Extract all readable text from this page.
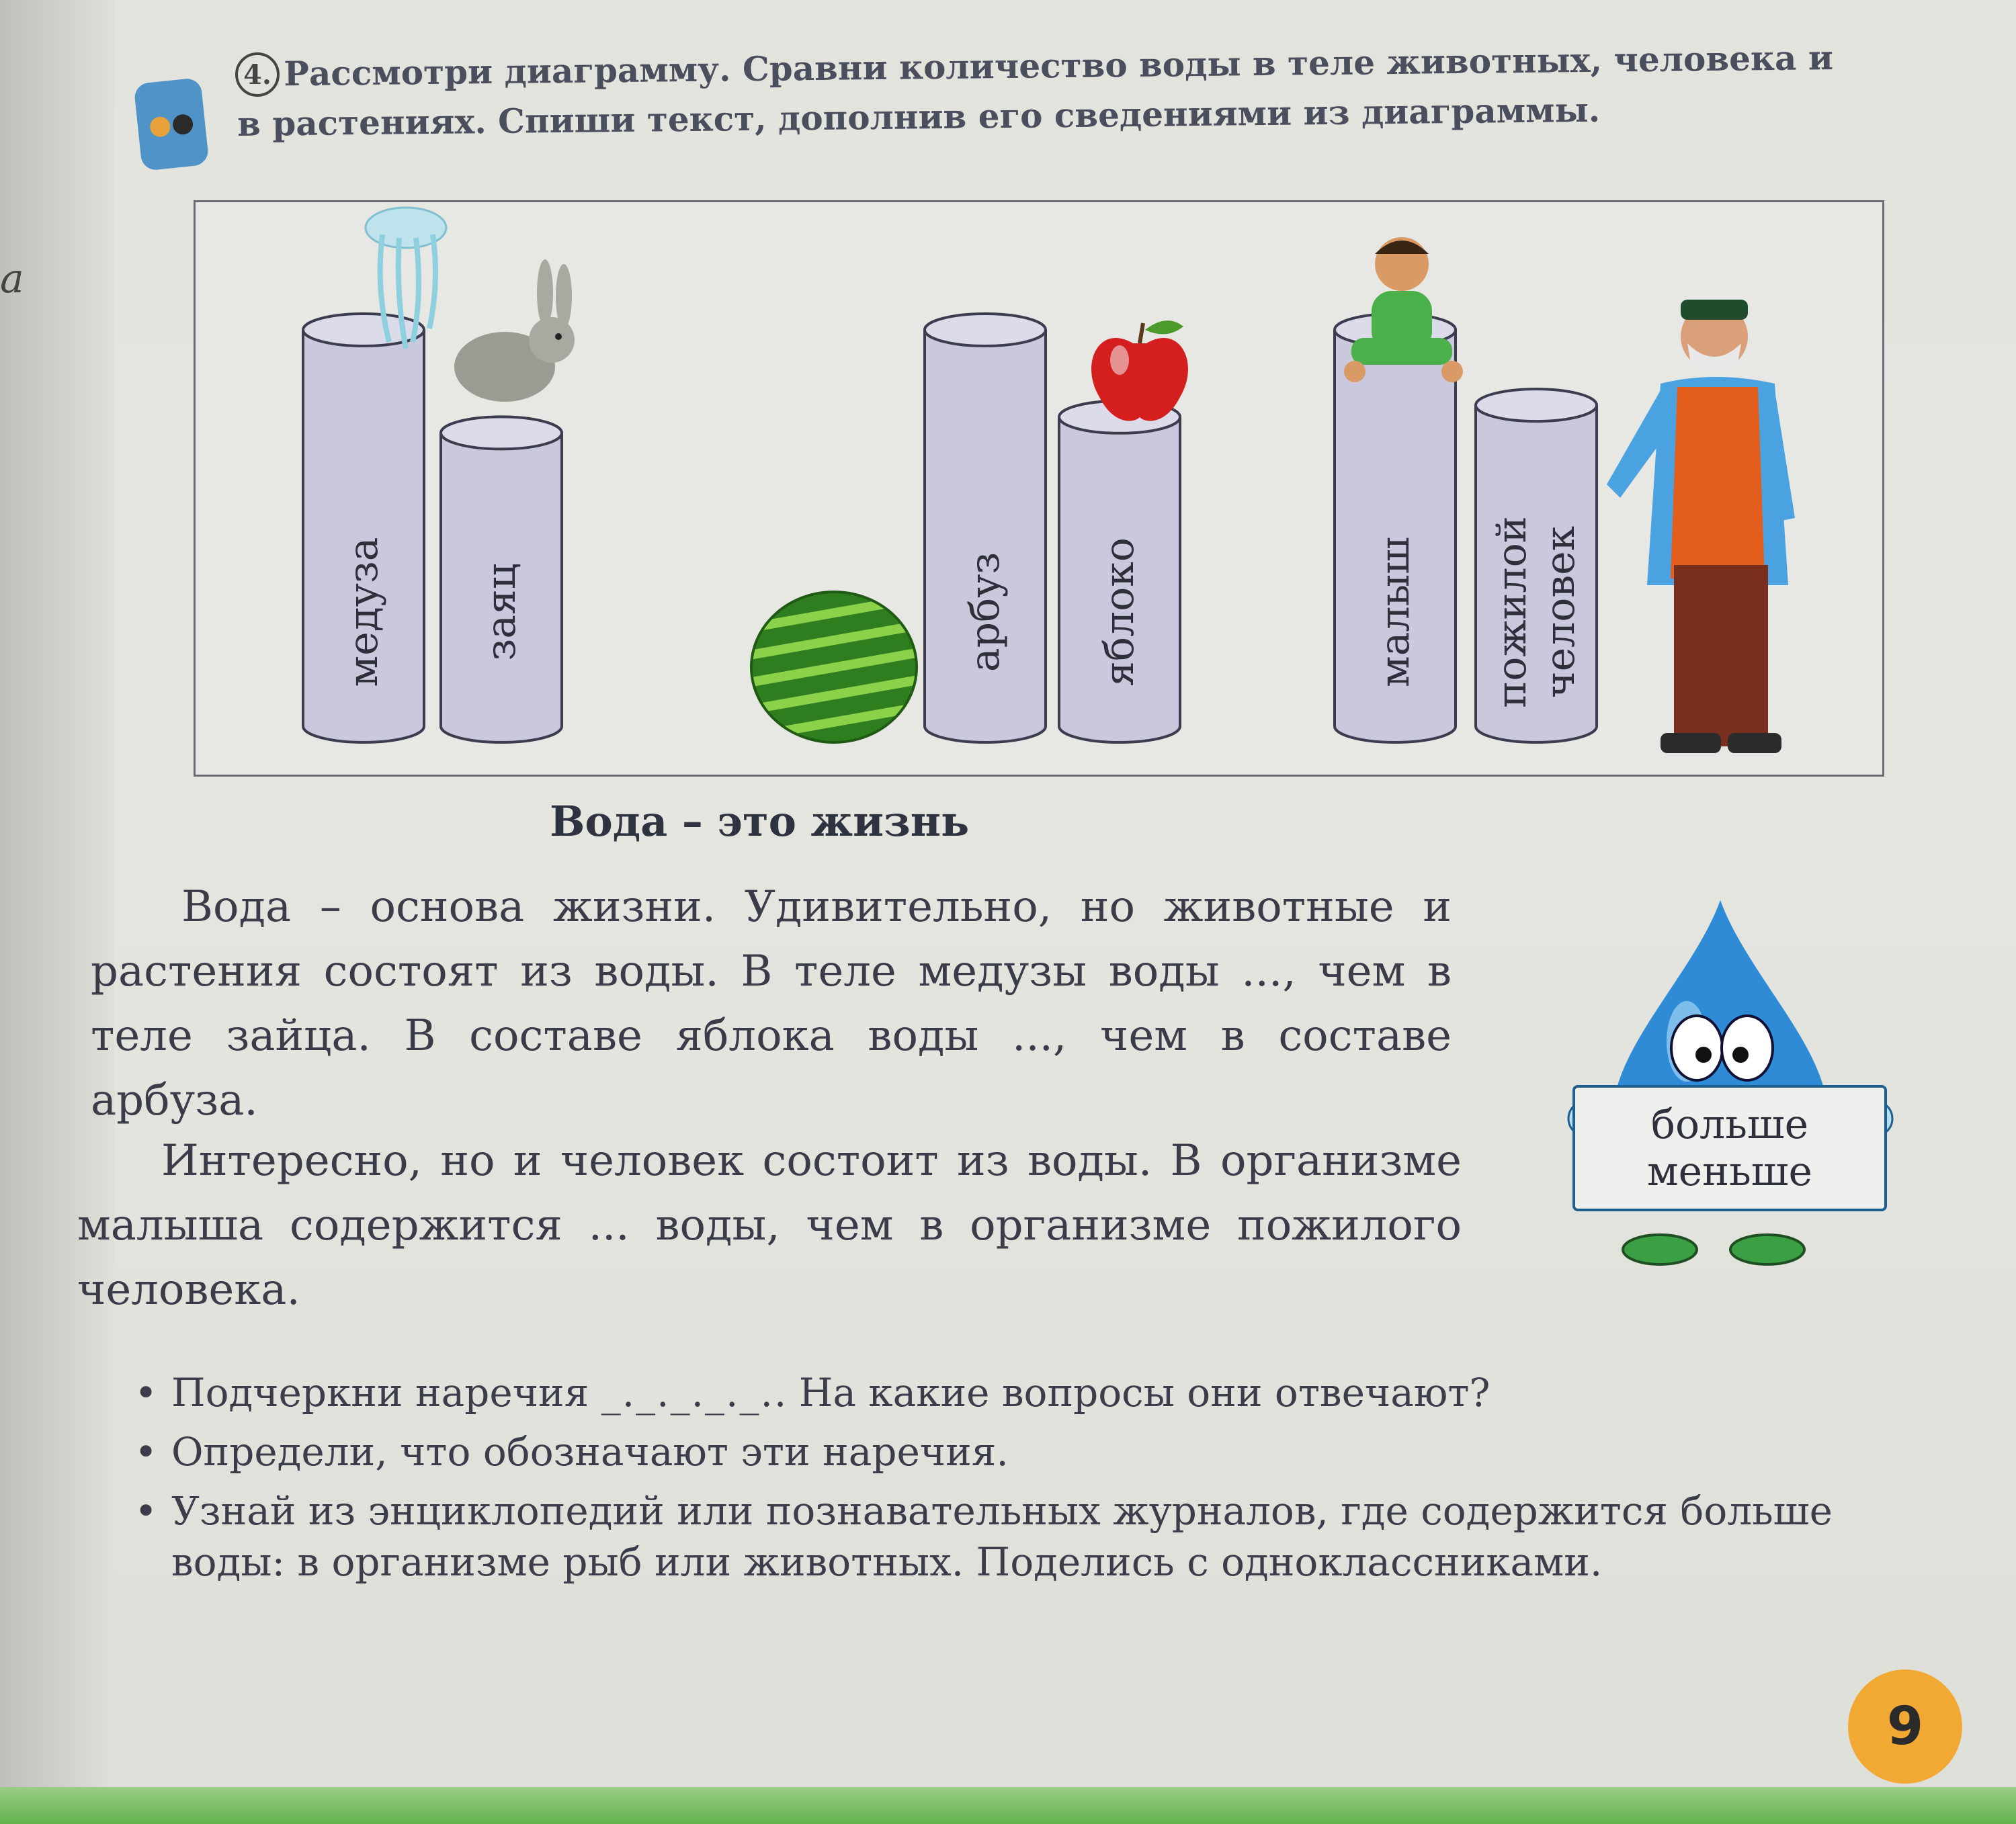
а
4. Рассмотри диаграмму. Сравни количество воды в теле животных, человека и в растениях. Спиши текст, дополнив его сведениями из диаграммы.
медуза заяц	арбуз яблоко	малыш пожилой человек
Вода – это жизнь
Вода – основа жизни. Удивительно, но животные и растения состоят из воды. В теле медузы воды ..., чем в теле зайца. В составе яблока воды ..., чем в составе арбуза.
Интересно, но и человек состоит из воды. В организме малыша содержится ... воды, чем в организме пожилого человека.
больше
меньше
• Подчеркни наречия _._._._._.. На какие вопросы они отвечают?
• Определи, что обозначают эти наречия.
• Узнай из энциклопедий или познавательных журналов, где содержится больше воды: в организме рыб или животных. Поделись с одноклассниками.
9
